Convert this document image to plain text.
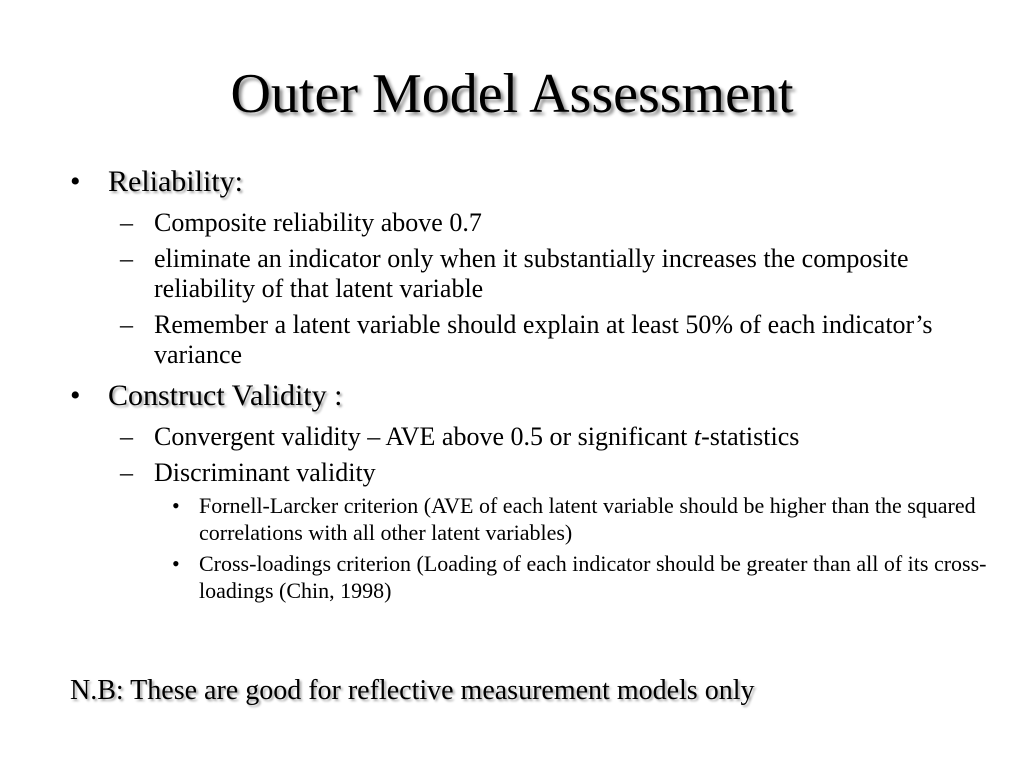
Outer Model Assessment
• Reliability:
– Composite reliability above 0.7
– eliminate an indicator only when it substantially increases the composite reliability of that latent variable
– Remember a latent variable should explain at least 50% of each indicator’s variance
• Construct Validity :
– Convergent validity – AVE above 0.5 or significant t-statistics
– Discriminant validity
• Fornell-Larcker criterion (AVE of each latent variable should be higher than the squared correlations with all other latent variables)
• Cross-loadings criterion (Loading of each indicator should be greater than all of its cross-loadings (Chin, 1998)
N.B: These are good for reflective measurement models only
